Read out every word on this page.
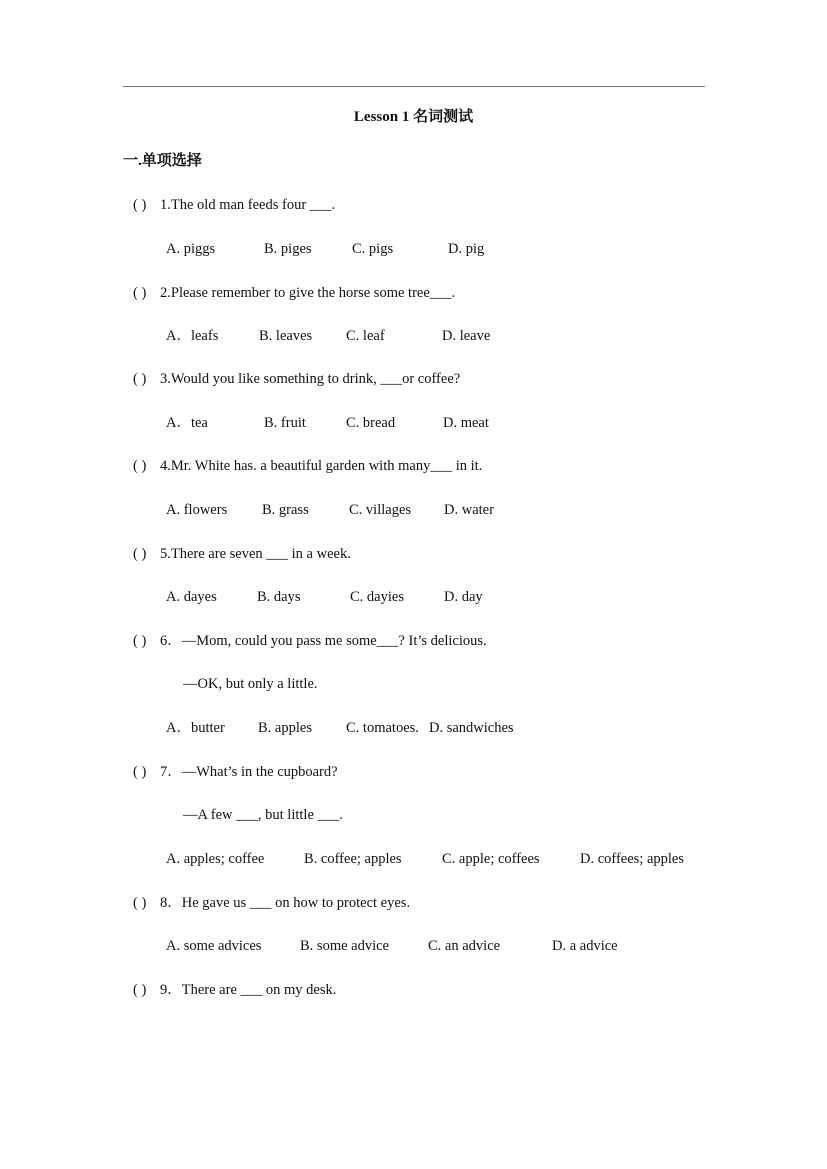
Lesson 1 名词测试
一.单项选择
( ) 1.The old man feeds four ___.
A. piggs	B. piges	C. pigs	D. pig
( ) 2.Please remember to give the horse some tree___.
A．leafs	B. leaves C. leaf	D. leave
( ) 3.Would you like something to drink, ___or coffee?
A．tea	B. fruit	C. bread	D. meat
( ) 4.Mr. White has. a beautiful garden with many___ in it.
A. flowers B. grass	C. villages D. water
( ) 5.There are seven ___ in a week.
A. dayes	B. days	C. dayies	D. day
( ) 6．—Mom, could you pass me some___? It’s delicious.
—OK, but only a little.
A．butter B. apples C. tomatoes. D. sandwiches
( ) 7．—What’s in the cupboard?
—A few ___, but little ___.
A. apples; coffee	B. coffee; apples	C. apple; coffees	D. coffees; apples
( ) 8．He gave us ___ on how to protect eyes.
A. some advices	B. some advice	C. an advice	D. a advice
( ) 9．There are ___ on my desk.
